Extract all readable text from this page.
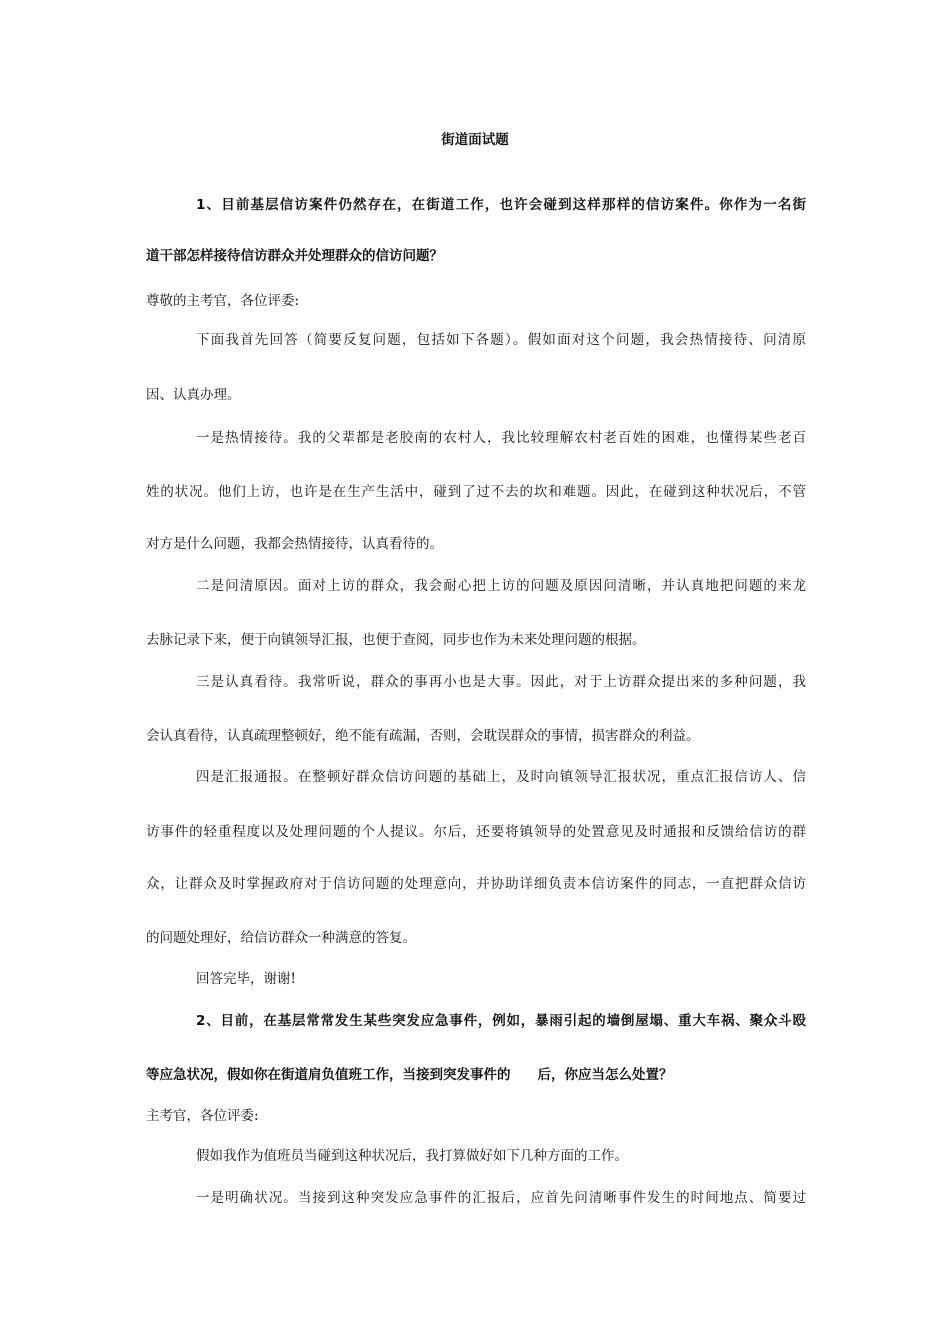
街道面试题
1、目前基层信访案件仍然存在，在街道工作，也许会碰到这样那样的信访案件。你作为一名街
道干部怎样接待信访群众并处理群众的信访问题？
尊敬的主考官，各位评委:
下面我首先回答（简要反复问题，包括如下各题）。假如面对这个问题，我会热情接待、问清原
因、认真办理。
一是热情接待。我的父辈都是老胶南的农村人，我比较理解农村老百姓的困难，也懂得某些老百
姓的状况。他们上访，也许是在生产生活中，碰到了过不去的坎和难题。因此，在碰到这种状况后，不管
对方是什么问题，我都会热情接待，认真看待的。
二是问清原因。面对上访的群众，我会耐心把上访的问题及原因问清晰，并认真地把问题的来龙
去脉记录下来，便于向镇领导汇报，也便于查阅，同步也作为未来处理问题的根据。
三是认真看待。我常听说，群众的事再小也是大事。因此，对于上访群众提出来的多种问题，我
会认真看待，认真疏理整顿好，绝不能有疏漏，否则，会耽误群众的事情，损害群众的利益。
四是汇报通报。在整顿好群众信访问题的基础上，及时向镇领导汇报状况，重点汇报信访人、信
访事件的轻重程度以及处理问题的个人提议。尔后，还要将镇领导的处置意见及时通报和反馈给信访的群
众，让群众及时掌握政府对于信访问题的处理意向，并协助详细负责本信访案件的同志，一直把群众信访
的问题处理好，给信访群众一种满意的答复。
回答完毕，谢谢!
2、目前，在基层常常发生某些突发应急事件，例如，暴雨引起的墙倒屋塌、重大车祸、聚众斗殴
等应急状况，假如你在街道肩负值班工作，当接到突发事件的　　后，你应当怎么处置？
主考官，各位评委:
假如我作为值班员当碰到这种状况后，我打算做好如下几种方面的工作。
一是明确状况。当接到这种突发应急事件的汇报后，应首先问清晰事件发生的时间地点、简要过
